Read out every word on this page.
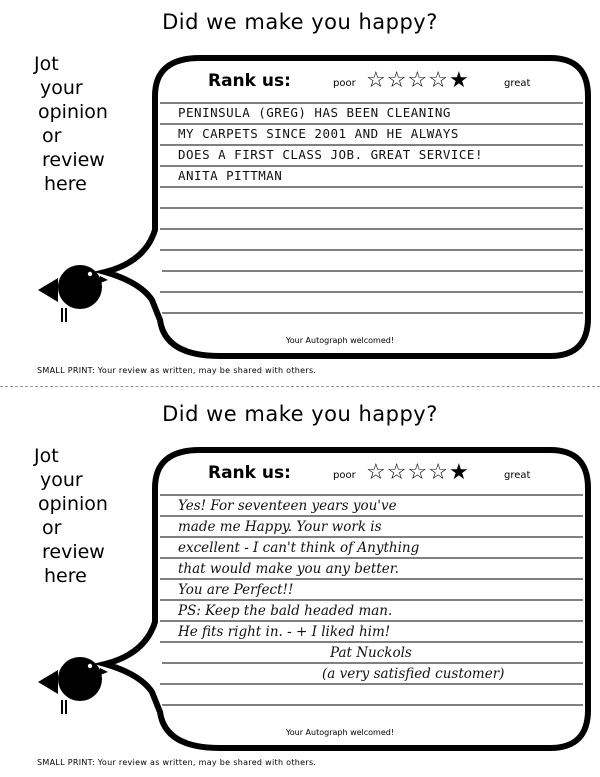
Did we make you happy?
Jot
your
opinion
or
review
here
Rank us:	poor ☆☆☆☆★	great
PENINSULA (GREG) HAS BEEN CLEANING
MY CARPETS SINCE 2001 AND HE ALWAYS
DOES A FIRST CLASS JOB. GREAT SERVICE!
ANITA PITTMAN
Your Autograph welcomed!
SMALL PRINT: Your review as written, may be shared with others.
Did we make you happy?
Jot
your
opinion
or
review
here
Rank us:	poor ☆☆☆☆★	great
Yes! For seventeen years you've
made me Happy. Your work is
excellent - I can't think of Anything
that would make you any better.
You are Perfect!!
PS: Keep the bald headed man.
He fits right in. - + I liked him!
Pat Nuckols
(a very satisfied customer)
Your Autograph welcomed!
SMALL PRINT: Your review as written, may be shared with others.
